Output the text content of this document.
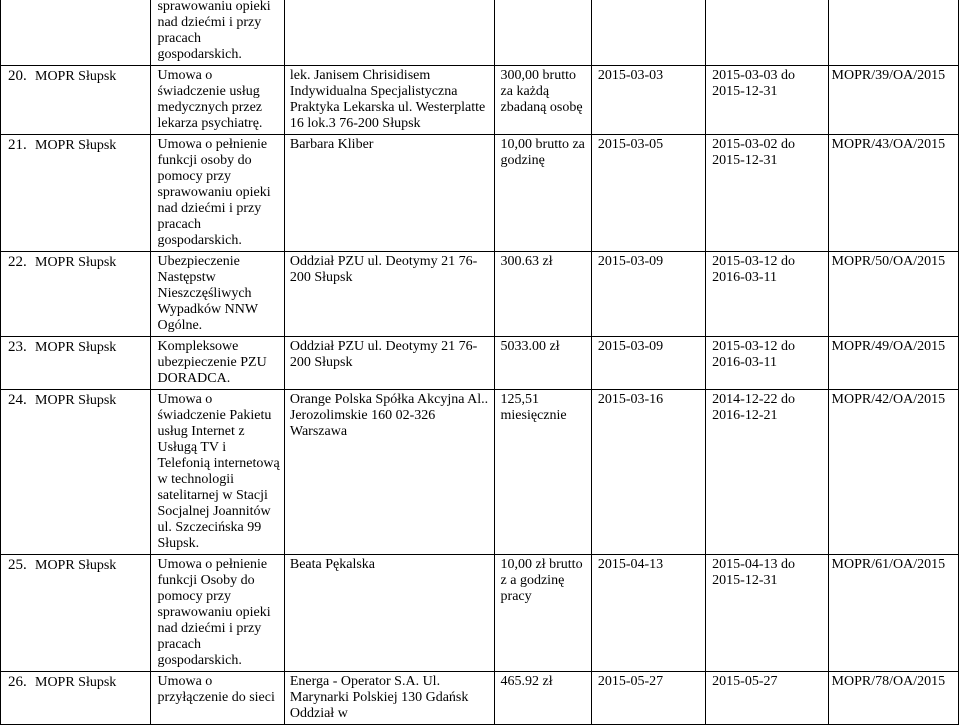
	sprawowaniu opieki nad dziećmi i przy pracach gospodarskich.					

20. MOPR Słupsk	Umowa o świadczenie usług medycznych przez lekarza psychiatrę.	lek. Janisem Chrisidisem Indywidualna Specjalistyczna Praktyka Lekarska ul. Westerplatte 16 lok.3 76-200 Słupsk	300,00 brutto za każdą zbadaną osobę	2015-03-03	2015-03-03 do 2015-12-31	MOPR/39/OA/2015

21. MOPR Słupsk	Umowa o pełnienie funkcji osoby do pomocy przy sprawowaniu opieki nad dziećmi i przy pracach gospodarskich.	Barbara Kliber	10,00 brutto za godzinę	2015-03-05	2015-03-02 do 2015-12-31	MOPR/43/OA/2015

22. MOPR Słupsk	Ubezpieczenie Następstw Nieszczęśliwych Wypadków NNW Ogólne.	Oddział PZU ul. Deotymy 21 76-200 Słupsk	300.63 zł	2015-03-09	2015-03-12 do 2016-03-11	MOPR/50/OA/2015

23. MOPR Słupsk	Kompleksowe ubezpieczenie PZU DORADCA.	Oddział PZU ul. Deotymy 21 76-200 Słupsk	5033.00 zł	2015-03-09	2015-03-12 do 2016-03-11	MOPR/49/OA/2015

24. MOPR Słupsk	Umowa o świadczenie Pakietu usług Internet z Usługą TV i Telefonią internetową w technologii satelitarnej w Stacji Socjalnej Joannitów ul. Szczecińska 99 Słupsk.	Orange Polska Spółka Akcyjna Al.. Jerozolimskie 160 02-326 Warszawa	125,51 miesięcznie	2015-03-16	2014-12-22 do 2016-12-21	MOPR/42/OA/2015

25. MOPR Słupsk	Umowa o pełnienie funkcji Osoby do pomocy przy sprawowaniu opieki nad dziećmi i przy pracach gospodarskich.	Beata Pękalska	10,00 zł brutto z a godzinę pracy	2015-04-13	2015-04-13 do 2015-12-31	MOPR/61/OA/2015

26. MOPR Słupsk	Umowa o przyłączenie do sieci	Energa - Operator S.A. Ul. Marynarki Polskiej 130 Gdańsk Oddział w	465.92 zł	2015-05-27	2015-05-27	MOPR/78/OA/2015
